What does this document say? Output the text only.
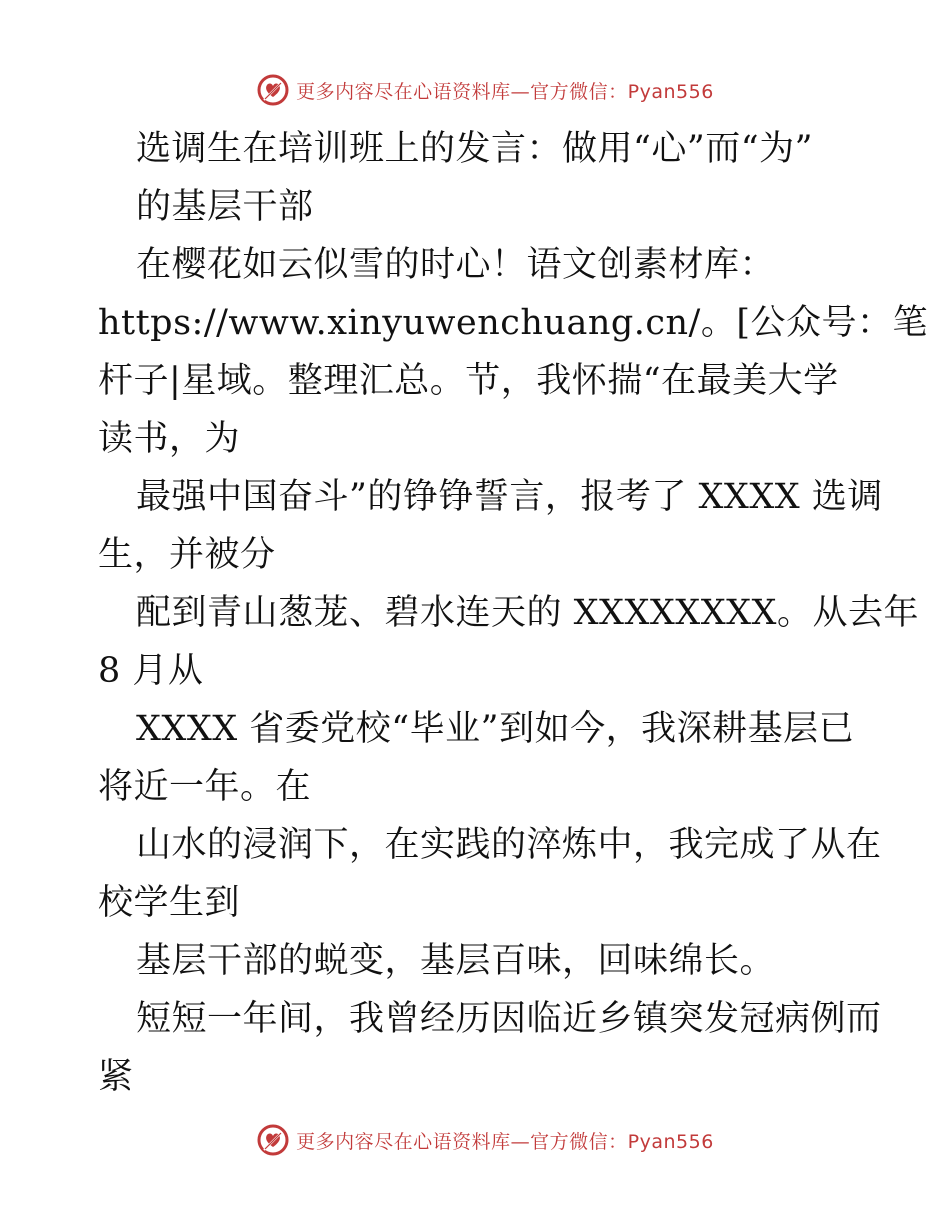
更多内容尽在心语资料库—官方微信：Pyan556
选调生在培训班上的发言：做用“心”而“为”
的基层干部
在樱花如云似雪的时心！语文创素材库：
https://www.xinyuwenchuang.cn/。[公众号：笔
杆子|星域。整理汇总。节，我怀揣“在最美大学
读书，为
最强中国奋斗”的铮铮誓言，报考了 XXXX 选调
生，并被分
配到青山葱茏、碧水连天的 XXXXXXXX。从去年
8 月从
XXXX 省委党校“毕业”到如今，我深耕基层已
将近一年。在
山水的浸润下，在实践的淬炼中，我完成了从在
校学生到
基层干部的蜕变，基层百味，回味绵长。
短短一年间，我曾经历因临近乡镇突发冠病例而
紧
更多内容尽在心语资料库—官方微信：Pyan556
